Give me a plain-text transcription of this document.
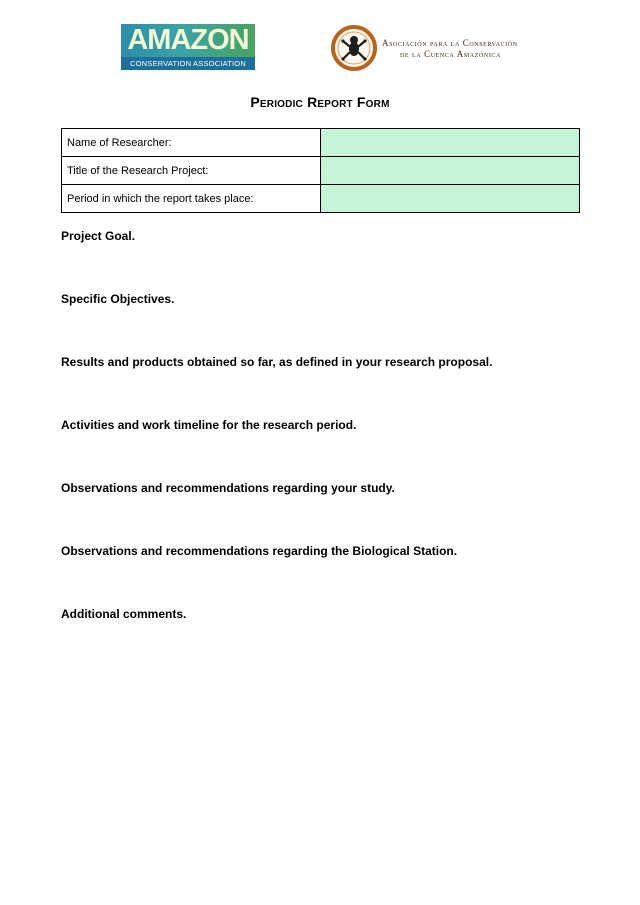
AMAZON
CONSERVATION ASSOCIATION
Asociación para la Conservación
de la Cuenca Amazónica
Periodic Report Form
Name of Researcher:	
Title of the Research Project:	
Period in which the report takes place:	
Project Goal.
Specific Objectives.
Results and products obtained so far, as defined in your research proposal.
Activities and work timeline for the research period.
Observations and recommendations regarding your study.
Observations and recommendations regarding the Biological Station.
Additional comments.
